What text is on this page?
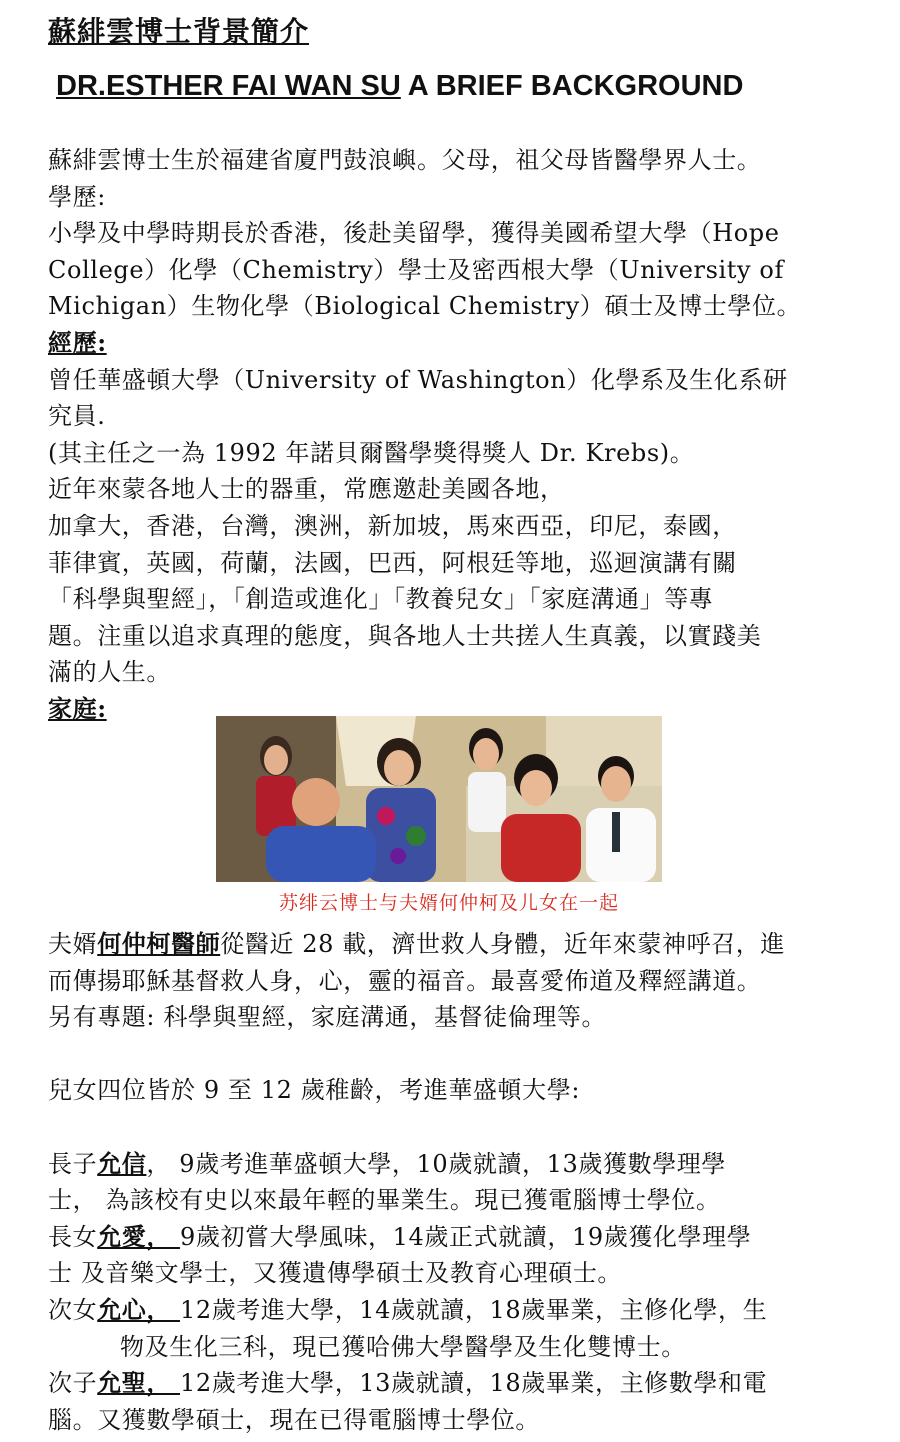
蘇緋雲博士背景簡介
DR.ESTHER FAI WAN SU A BRIEF BACKGROUND
蘇緋雲博士生於福建省廈門鼓浪嶼。父母，祖父母皆醫學界人士。
學歷:
小學及中學時期長於香港，後赴美留學，獲得美國希望大學（Hope
College）化學（Chemistry）學士及密西根大學（University of
Michigan）生物化學（Biological Chemistry）碩士及博士學位。
經歷:
曾任華盛頓大學（University of Washington）化學系及生化系研
究員.
(其主任之一為 1992 年諾貝爾醫學獎得獎人 Dr. Krebs)。
近年來蒙各地人士的器重，常應邀赴美國各地，
加拿大，香港，台灣，澳洲，新加坡，馬來西亞，印尼，泰國，
菲律賓，英國，荷蘭，法國，巴西，阿根廷等地，巡迴演講有關
「科學與聖經」，「創造或進化」「教養兒女」「家庭溝通」等專
題。注重以追求真理的態度，與各地人士共搓人生真義，以實踐美
滿的人生。
家庭:
苏绯云博士与夫婿何仲柯及儿女在一起
夫婿何仲柯醫師從醫近 28 載，濟世救人身體，近年來蒙神呼召，進
而傳揚耶穌基督救人身，心，靈的福音。最喜愛佈道及釋經講道。
另有專題: 科學與聖經，家庭溝通，基督徒倫理等。
兒女四位皆於 9 至 12 歲稚齡，考進華盛頓大學:
長子允信， 9歲考進華盛頓大學，10歲就讀，13歲獲數學理學
士， 為該校有史以來最年輕的畢業生。現已獲電腦博士學位。
長女允愛， 9歲初嘗大學風味，14歲正式就讀，19歲獲化學理學
士 及音樂文學士，又獲遺傳學碩士及教育心理碩士。
次女允心， 12歲考進大學，14歲就讀，18歲畢業，主修化學，生
物及生化三科，現已獲哈佛大學醫學及生化雙博士。
次子允聖， 12歲考進大學，13歲就讀，18歲畢業，主修數學和電
腦。又獲數學碩士，現在已得電腦博士學位。
